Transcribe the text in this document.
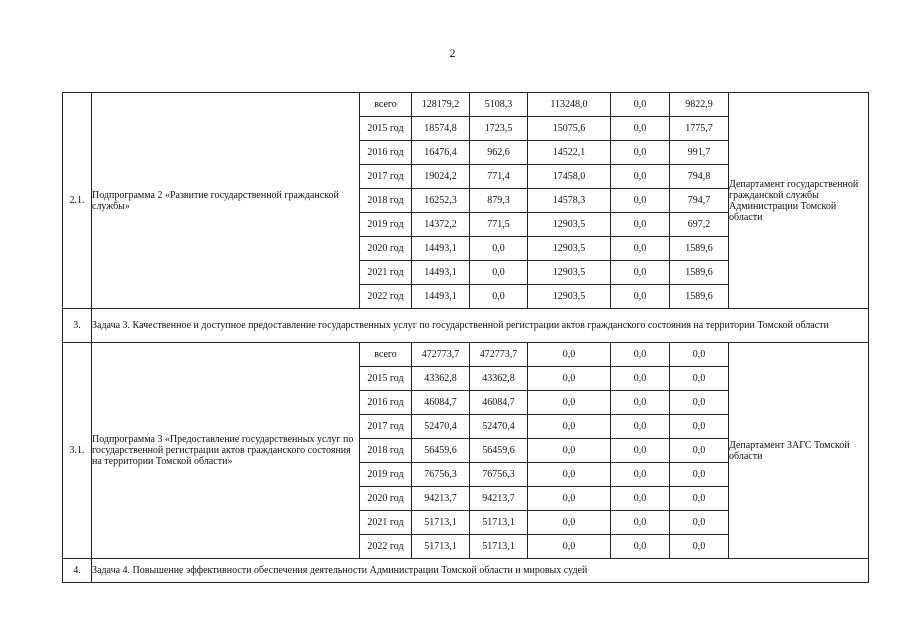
2
2.1.	Подпрограмма 2 «Развитие государственной гражданской службы»	всего	128179,2	5108,3	113248,0	0,0	9822,9	Департамент государственной гражданской службы Администрации Томской области
		2015 год	18574,8	1723,5	15075,6	0,0	1775,7	
		2016 год	16476,4	962,6	14522,1	0,0	991,7	
		2017 год	19024,2	771,4	17458,0	0,0	794,8	
		2018 год	16252,3	879,3	14578,3	0,0	794,7	
		2019 год	14372,2	771,5	12903,5	0,0	697,2	
		2020 год	14493,1	0,0	12903,5	0,0	1589,6	
		2021 год	14493,1	0,0	12903,5	0,0	1589,6	
		2022 год	14493,1	0,0	12903,5	0,0	1589,6	
3.	Задача 3. Качественное и доступное предоставление государственных услуг по государственной регистрации актов гражданского состояния на территории Томской области							
3.1.	Подпрограмма 3 «Предоставление государственных услуг по государственной регистрации актов гражданского состояния на территории Томской области»	всего	472773,7	472773,7	0,0	0,0	0,0	Департамент ЗАГС Томской области
		2015 год	43362,8	43362,8	0,0	0,0	0,0	
		2016 год	46084,7	46084,7	0,0	0,0	0,0	
		2017 год	52470,4	52470,4	0,0	0,0	0,0	
		2018 год	56459,6	56459,6	0,0	0,0	0,0	
		2019 год	76756,3	76756,3	0,0	0,0	0,0	
		2020 год	94213,7	94213,7	0,0	0,0	0,0	
		2021 год	51713,1	51713,1	0,0	0,0	0,0	
		2022 год	51713,1	51713,1	0,0	0,0	0,0	
4.	Задача 4. Повышение эффективности обеспечения деятельности Администрации Томской области и мировых судей							
